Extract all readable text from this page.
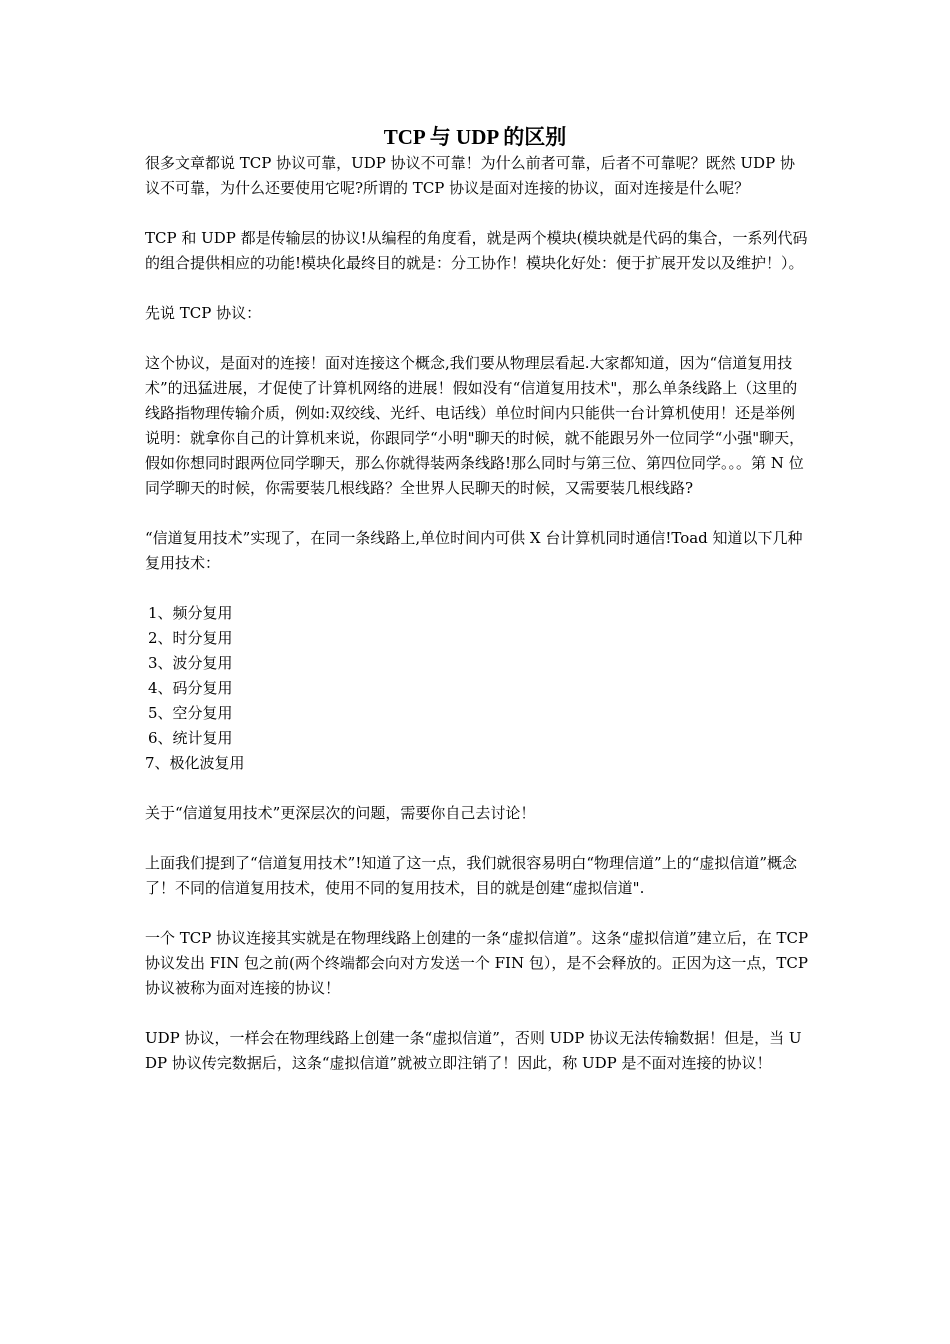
TCP 与 UDP 的区别

很多文章都说 TCP 协议可靠，UDP 协议不可靠！为什么前者可靠，后者不可靠呢？既然 UDP 协议不可靠，为什么还要使用它呢?所谓的 TCP 协议是面对连接的协议，面对连接是什么呢？

TCP 和 UDP 都是传输层的协议!从编程的角度看，就是两个模块(模块就是代码的集合，一系列代码的组合提供相应的功能!模块化最终目的就是：分工协作！模块化好处：便于扩展开发以及维护！）。

先说 TCP 协议：

这个协议，是面对的连接！面对连接这个概念,我们要从物理层看起.大家都知道，因为“信道复用技术”的迅猛进展，才促使了计算机网络的进展！假如没有“信道复用技术"，那么单条线路上（这里的线路指物理传输介质，例如:双绞线、光纤、电话线）单位时间内只能供一台计算机使用！还是举例说明：就拿你自己的计算机来说，你跟同学“小明"聊天的时候，就不能跟另外一位同学“小强"聊天，假如你想同时跟两位同学聊天，那么你就得装两条线路!那么同时与第三位、第四位同学。。。第 N 位同学聊天的时候，你需要装几根线路？全世界人民聊天的时候，又需要装几根线路?

“信道复用技术”实现了，在同一条线路上,单位时间内可供 X 台计算机同时通信!Toad 知道以下几种复用技术：

1、频分复用
2、时分复用
3、波分复用
4、码分复用
5、空分复用
6、统计复用
7、极化波复用

关于“信道复用技术”更深层次的问题，需要你自己去讨论！

上面我们提到了“信道复用技术”!知道了这一点，我们就很容易明白“物理信道”上的“虚拟信道”概念了！不同的信道复用技术，使用不同的复用技术，目的就是创建“虚拟信道".

一个 TCP 协议连接其实就是在物理线路上创建的一条“虚拟信道”。这条“虚拟信道”建立后，在 TCP 协议发出 FIN 包之前(两个终端都会向对方发送一个 FIN 包），是不会释放的。正因为这一点，TCP 协议被称为面对连接的协议！

UDP 协议，一样会在物理线路上创建一条“虚拟信道”，否则 UDP 协议无法传输数据！但是，当 UDP 协议传完数据后，这条“虚拟信道”就被立即注销了！因此，称 UDP 是不面对连接的协议！
